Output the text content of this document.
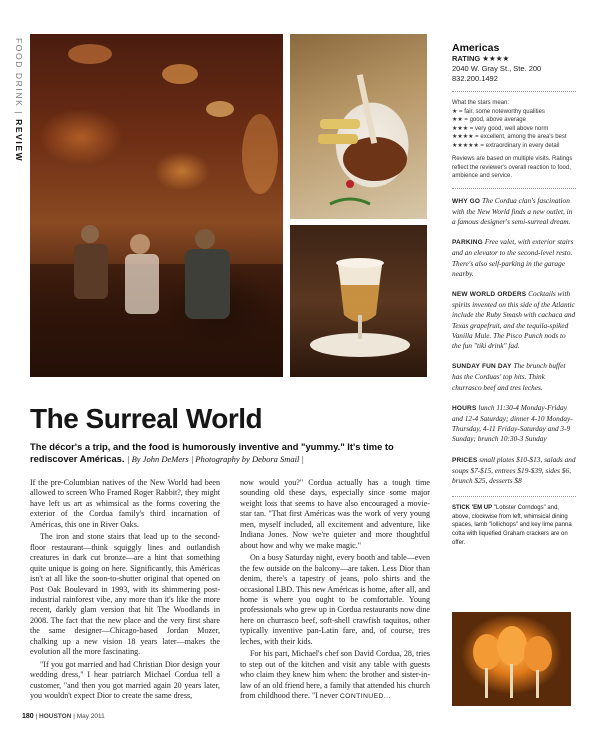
FOOD DRINK | REVIEW
Americas
RATING ★★★★
2040 W. Gray St., Ste. 200
832.200.1492
What the stars mean:
★ = fair, some noteworthy qualities
★★ = good, above average
★★★ = very good, well above norm
★★★★ = excellent, among the area's best
★★★★★ = extraordinary in every detail
Reviews are based on multiple visits. Ratings reflect the reviewer's overall reaction to food, ambience and service.
WHY GO The Cordua clan's fascination with the New World finds a new outlet, in a famous designer's semi-surreal dream.
PARKING Free valet, with exterior stairs and an elevator to the second-level resto. There's also self-parking in the garage nearby.
NEW WORLD ORDERS Cocktails with spirits invented on this side of the Atlantic include the Ruby Smash with cachaca and Texas grapefruit, and the tequila-spiked Vanilla Mule. The Pisco Punch nods to the fun "tiki drink" fad.
SUNDAY FUN DAY The brunch buffet has the Corduas' top hits. Think churrasco beef and tres leches.
HOURS lunch 11:30-4 Monday-Friday and 12-4 Saturday; dinner 4-10 Monday-Thursday, 4-11 Friday-Saturday and 3-9 Sunday; brunch 10:30-3 Sunday
PRICES small plates $10-$13, salads and soups $7-$15, entrees $19-$39, sides $6, brunch $25, desserts $8
STICK 'EM UP "Lobster Corndogs" and, above, clockwise from left, whimsical dining spaces, lamb "lollichops" and key lime panna cotta with liquefied Graham crackers are on offer.
The Surreal World
The décor's a trip, and the food is humorously inventive and "yummy." It's time to rediscover Américas. | By John DeMers | Photography by Debora Smail |

If the pre-Columbian natives of the New World had been allowed to screen Who Framed Roger Rabbit?, they might have left us art as whimsical as the forms covering the exterior of the Cordua family's third incarnation of Américas, this one in River Oaks.

The iron and stone stairs that lead up to the second-floor restaurant—think squiggly lines and outlandish creatures in dark cut bronze—are a hint that something quite unique is going on here. Significantly, this Américas isn't at all like the soon-to-shutter original that opened on Post Oak Boulevard in 1993, with its shimmering post-industrial rainforest vibe, any more than it's like the more recent, darkly glam version that hit The Woodlands in 2008. The fact that the new place and the very first share the same designer—Chicago-based Jordan Mozer, chalking up a new vision 18 years later—makes the evolution all the more fascinating.

"If you got married and had Christian Dior design your wedding dress," I hear patriarch Michael Cordua tell a customer, "and then you got married again 20 years later, you wouldn't expect Dior to create the same dress,

now would you?" Cordua actually has a tough time sounding old these days, especially since some major weight loss that seems to have also encouraged a movie-star tan. "That first Américas was the work of very young men, myself included, all excitement and adventure, like Indiana Jones. Now we're quieter and more thoughtful about how and why we make magic."

On a busy Saturday night, every booth and table—even the few outside on the balcony—are taken. Less Dior than denim, there's a tapestry of jeans, polo shirts and the occasional LBD. This new Américas is home, after all, and home is where you ought to be comfortable. Young professionals who grew up in Cordua restaurants now dine here on churrasco beef, soft-shell crawfish taquitos, other typically inventive pan-Latin fare, and, of course, tres leches, with their kids.

For his part, Michael's chef son David Cordua, 28, tries to step out of the kitchen and visit any table with guests who claim they knew him when: the brother and sister-in-law of an old friend here, a family that attended his church from childhood there. "I never CONTINUED...

180 | HOUSTON | May 2011
